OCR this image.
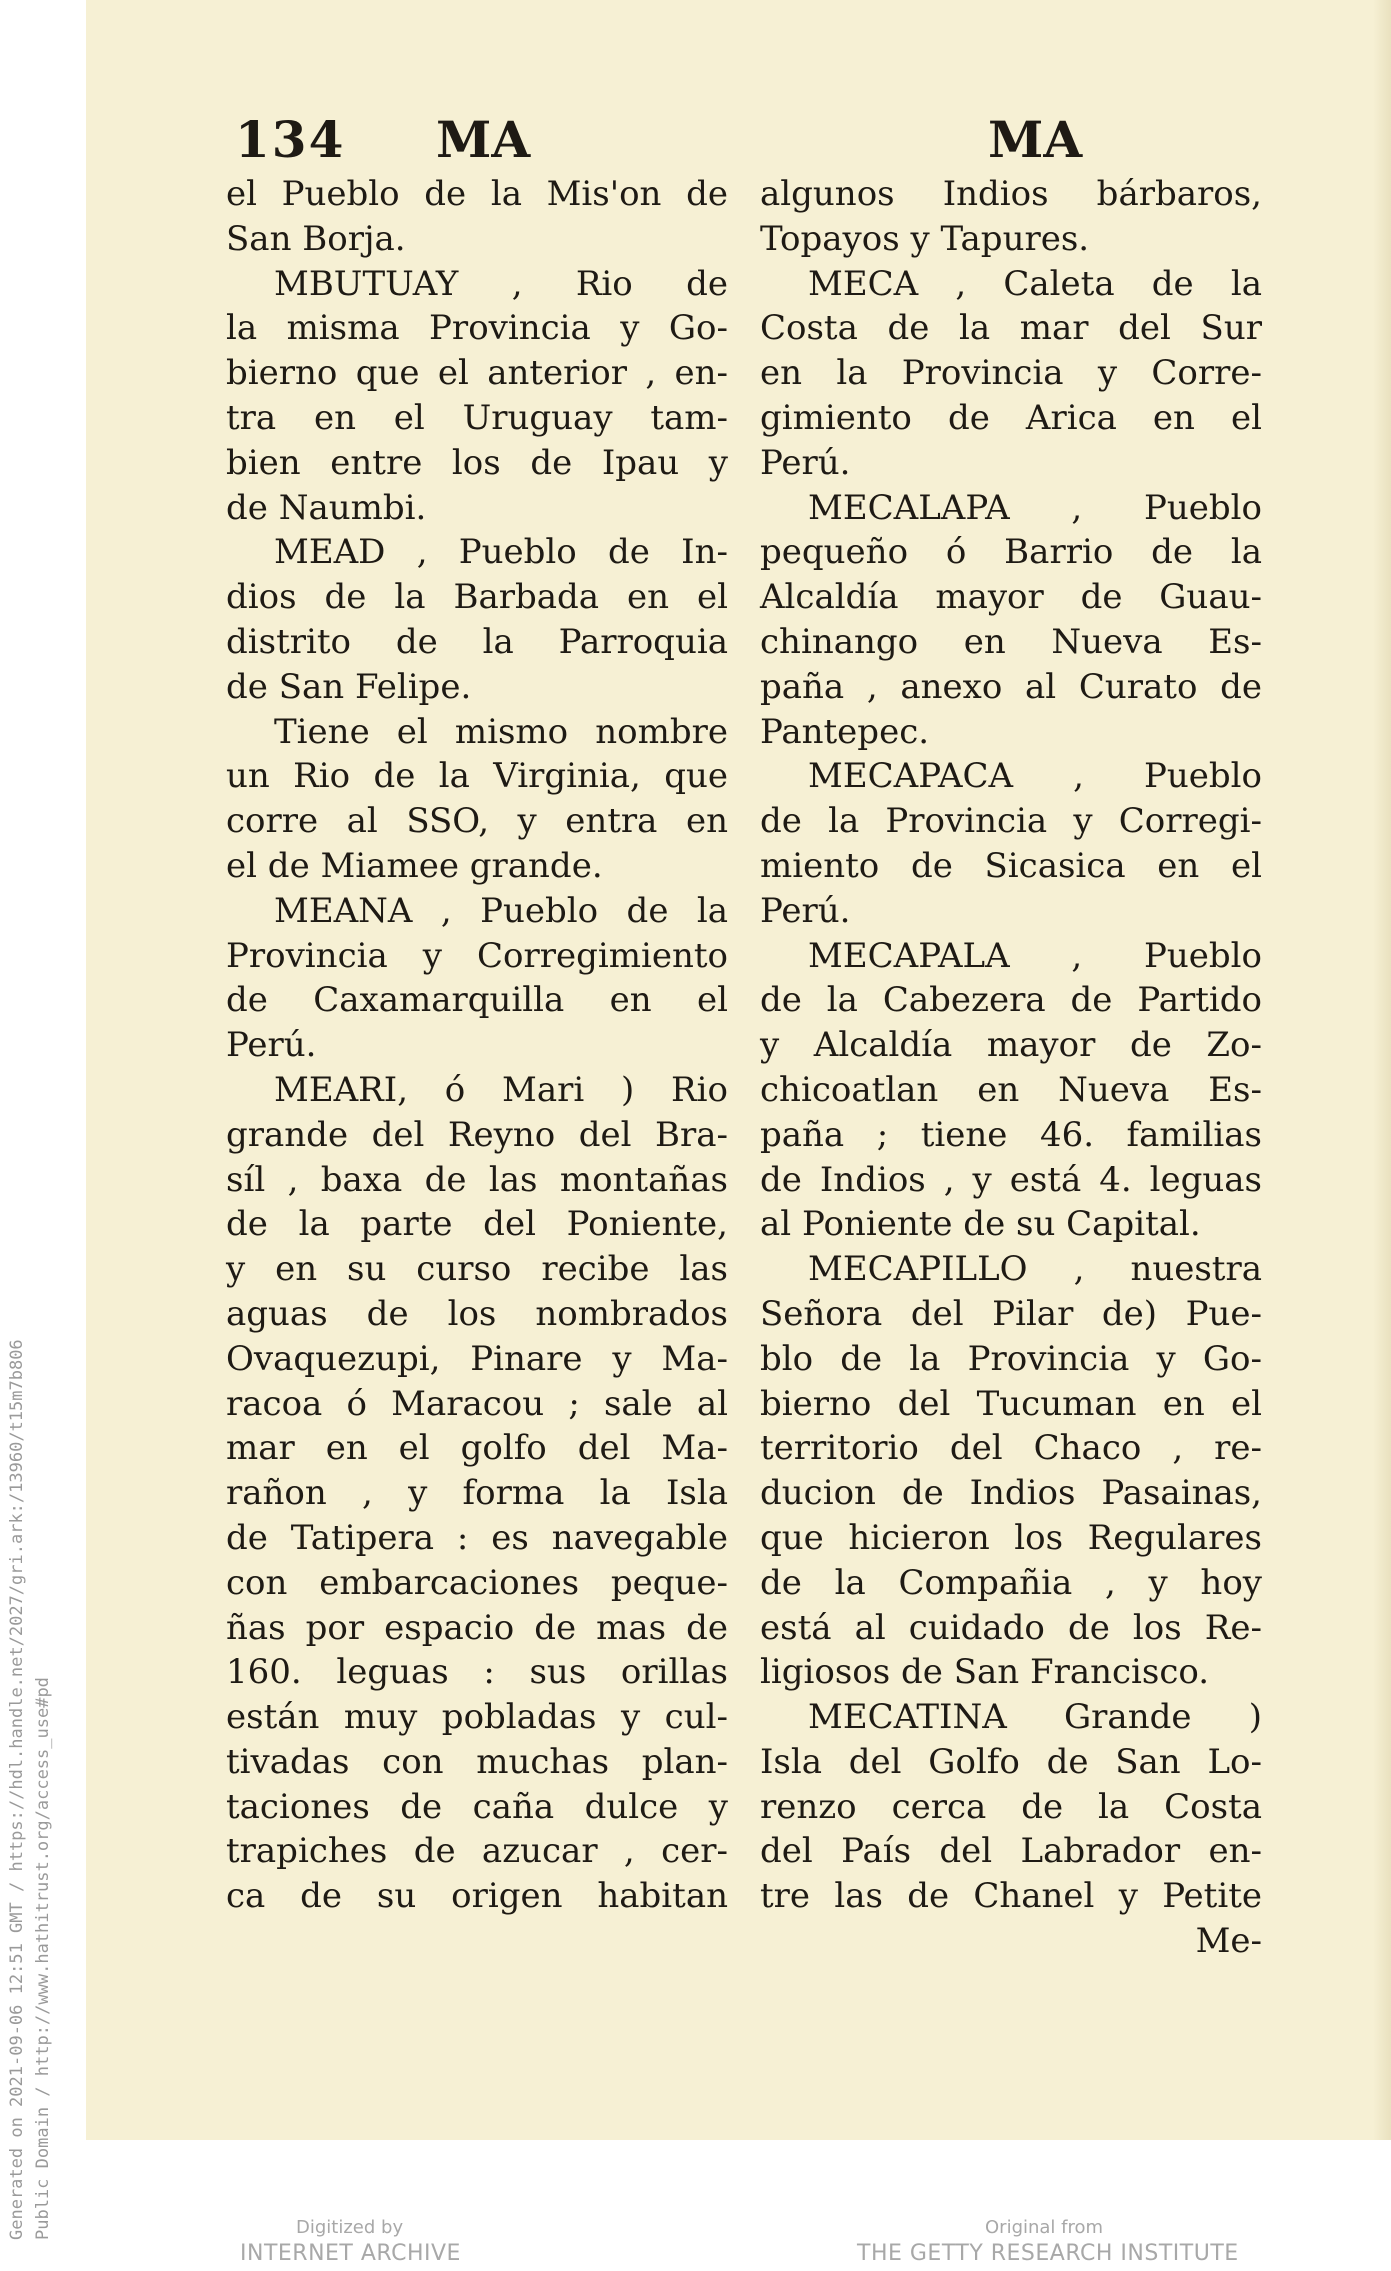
Generated on 2021-09-06 12:51 GMT / https://hdl.handle.net/2027/gri.ark:/13960/t15m7b806 Public Domain / http://www.hathitrust.org/access_use#pd
134 MA	MA
el Pueblo de la Mis'on de
San Borja.
MBUTUAY , Rio de
la misma Provincia y Go-
bierno que el anterior , en-
tra en el Uruguay tam-
bien entre los de Ipau y
de Naumbi.
MEAD , Pueblo de In-
dios de la Barbada en el
distrito de la Parroquia
de San Felipe.
Tiene el mismo nombre
un Rio de la Virginia, que
corre al SSO, y entra en
el de Miamee grande.
MEANA , Pueblo de la
Provincia y Corregimiento
de Caxamarquilla en el
Perú.
MEARI, ó Mari ) Rio
grande del Reyno del Bra-
síl , baxa de las montañas
de la parte del Poniente,
y en su curso recibe las
aguas de los nombrados
Ovaquezupi, Pinare y Ma-
racoa ó Maracou ; sale al
mar en el golfo del Ma-
rañon , y forma la Isla
de Tatipera : es navegable
con embarcaciones peque-
ñas por espacio de mas de
160. leguas : sus orillas
están muy pobladas y cul-
tivadas con muchas plan-
taciones de caña dulce y
trapiches de azucar , cer-
ca de su origen habitan
algunos Indios bárbaros,
Topayos y Tapures.
MECA , Caleta de la
Costa de la mar del Sur
en la Provincia y Corre-
gimiento de Arica en el
Perú.
MECALAPA , Pueblo
pequeño ó Barrio de la
Alcaldía mayor de Guau-
chinango en Nueva Es-
paña , anexo al Curato de
Pantepec.
MECAPACA , Pueblo
de la Provincia y Corregi-
miento de Sicasica en el
Perú.
MECAPALA , Pueblo
de la Cabezera de Partido
y Alcaldía mayor de Zo-
chicoatlan en Nueva Es-
paña ; tiene 46. familias
de Indios , y está 4. leguas
al Poniente de su Capital.
MECAPILLO , nuestra
Señora del Pilar de) Pue-
blo de la Provincia y Go-
bierno del Tucuman en el
territorio del Chaco , re-
ducion de Indios Pasainas,
que hicieron los Regulares
de la Compañia , y hoy
está al cuidado de los Re-
ligiosos de San Francisco.
MECATINA Grande )
Isla del Golfo de San Lo-
renzo cerca de la Costa
del País del Labrador en-
tre las de Chanel y Petite
Me-
Digitized by
INTERNET ARCHIVE
Original from
THE GETTY RESEARCH INSTITUTE
